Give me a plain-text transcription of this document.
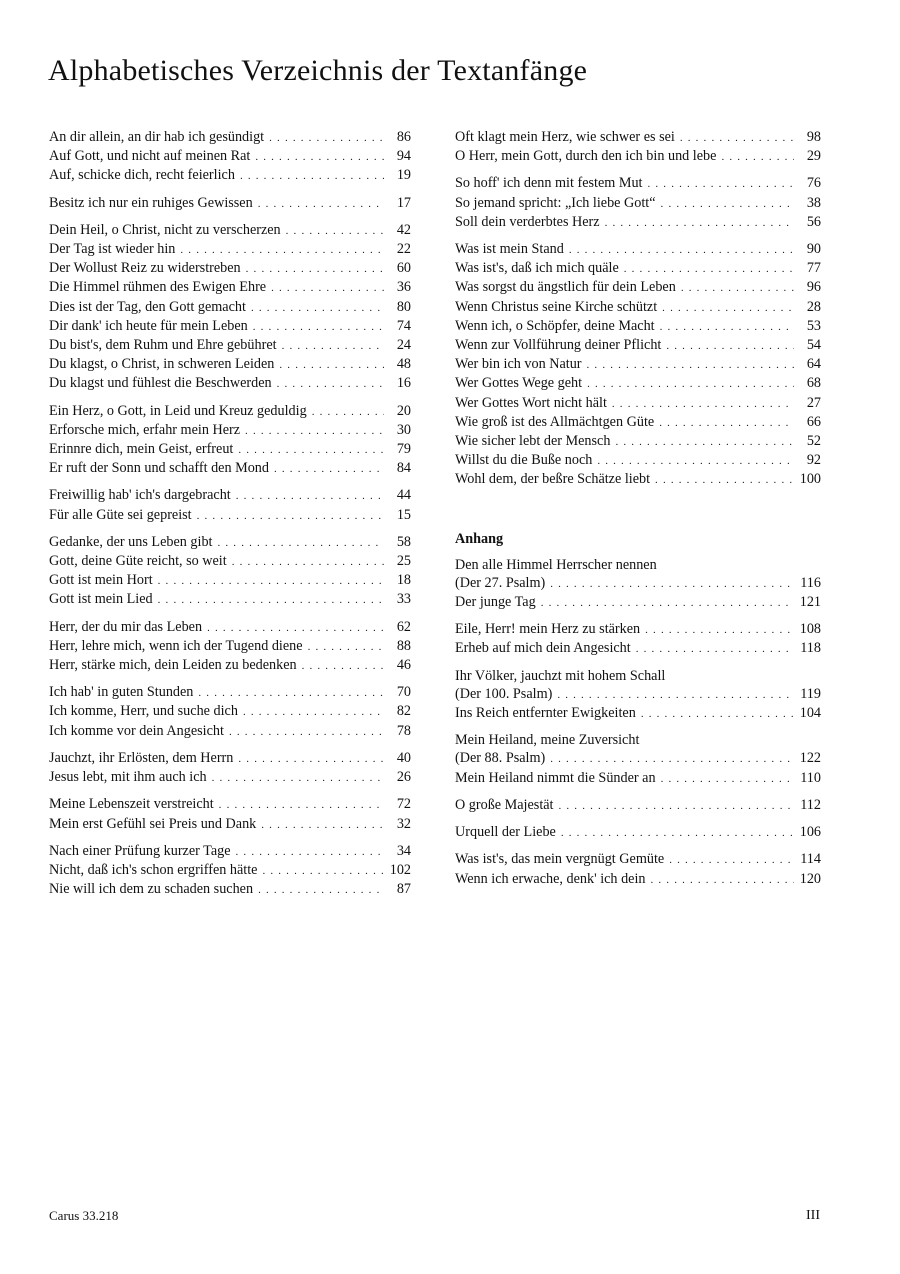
Alphabetisches Verzeichnis der Textanfänge
An dir allein, an dir hab ich gesündigt . . .	86
Auf Gott, und nicht auf meinen Rat . . .	94
Auf, schicke dich, recht feierlich . . .	19
Besitz ich nur ein ruhiges Gewissen . . .	17
Dein Heil, o Christ, nicht zu verscherzen . . .	42
Der Tag ist wieder hin . . .	22
Der Wollust Reiz zu widerstreben . . .	60
Die Himmel rühmen des Ewigen Ehre . . .	36
Dies ist der Tag, den Gott gemacht . . .	80
Dir dank' ich heute für mein Leben . . .	74
Du bist's, dem Ruhm und Ehre gebühret . . .	24
Du klagst, o Christ, in schweren Leiden . . .	48
Du klagst und fühlest die Beschwerden . . .	16
Ein Herz, o Gott, in Leid und Kreuz geduldig . . .	20
Erforsche mich, erfahr mein Herz . . .	30
Erinnre dich, mein Geist, erfreut . . .	79
Er ruft der Sonn und schafft den Mond . . .	84
Freiwillig hab' ich's dargebracht . . .	44
Für alle Güte sei gepreist . . .	15
Gedanke, der uns Leben gibt . . .	58
Gott, deine Güte reicht, so weit . . .	25
Gott ist mein Hort . . .	18
Gott ist mein Lied . . .	33
Herr, der du mir das Leben . . .	62
Herr, lehre mich, wenn ich der Tugend diene . . .	88
Herr, stärke mich, dein Leiden zu bedenken . . .	46
Ich hab' in guten Stunden . . .	70
Ich komme, Herr, und suche dich . . .	82
Ich komme vor dein Angesicht . . .	78
Jauchzt, ihr Erlösten, dem Herrn . . .	40
Jesus lebt, mit ihm auch ich . . .	26
Meine Lebenszeit verstreicht . . .	72
Mein erst Gefühl sei Preis und Dank . . .	32
Nach einer Prüfung kurzer Tage . . .	34
Nicht, daß ich's schon ergriffen hätte . . .	102
Nie will ich dem zu schaden suchen . . .	87
Oft klagt mein Herz, wie schwer es sei . . .	98
O Herr, mein Gott, durch den ich bin und lebe . . .	29
So hoff' ich denn mit festem Mut . . .	76
So jemand spricht: „Ich liebe Gott“ . . .	38
Soll dein verderbtes Herz . . .	56
Was ist mein Stand . . .	90
Was ist's, daß ich mich quäle . . .	77
Was sorgst du ängstlich für dein Leben . . .	96
Wenn Christus seine Kirche schützt . . .	28
Wenn ich, o Schöpfer, deine Macht . . .	53
Wenn zur Vollführung deiner Pflicht . . .	54
Wer bin ich von Natur . . .	64
Wer Gottes Wege geht . . .	68
Wer Gottes Wort nicht hält . . .	27
Wie groß ist des Allmächtgen Güte . . .	66
Wie sicher lebt der Mensch . . .	52
Willst du die Buße noch . . .	92
Wohl dem, der beßre Schätze liebt . . .	100
Anhang
Den alle Himmel Herrscher nennen
(Der 27. Psalm) . . .	116
Der junge Tag . . .	121
Eile, Herr! mein Herz zu stärken . . .	108
Erheb auf mich dein Angesicht . . .	118
Ihr Völker, jauchzt mit hohem Schall
(Der 100. Psalm) . . .	119
Ins Reich entfernter Ewigkeiten . . .	104
Mein Heiland, meine Zuversicht
(Der 88. Psalm) . . .	122
Mein Heiland nimmt die Sünder an . . .	110
O große Majestät . . .	112
Urquell der Liebe . . .	106
Was ist's, das mein vergnügt Gemüte . . .	114
Wenn ich erwache, denk' ich dein . . .	120
Carus 33.218	III
